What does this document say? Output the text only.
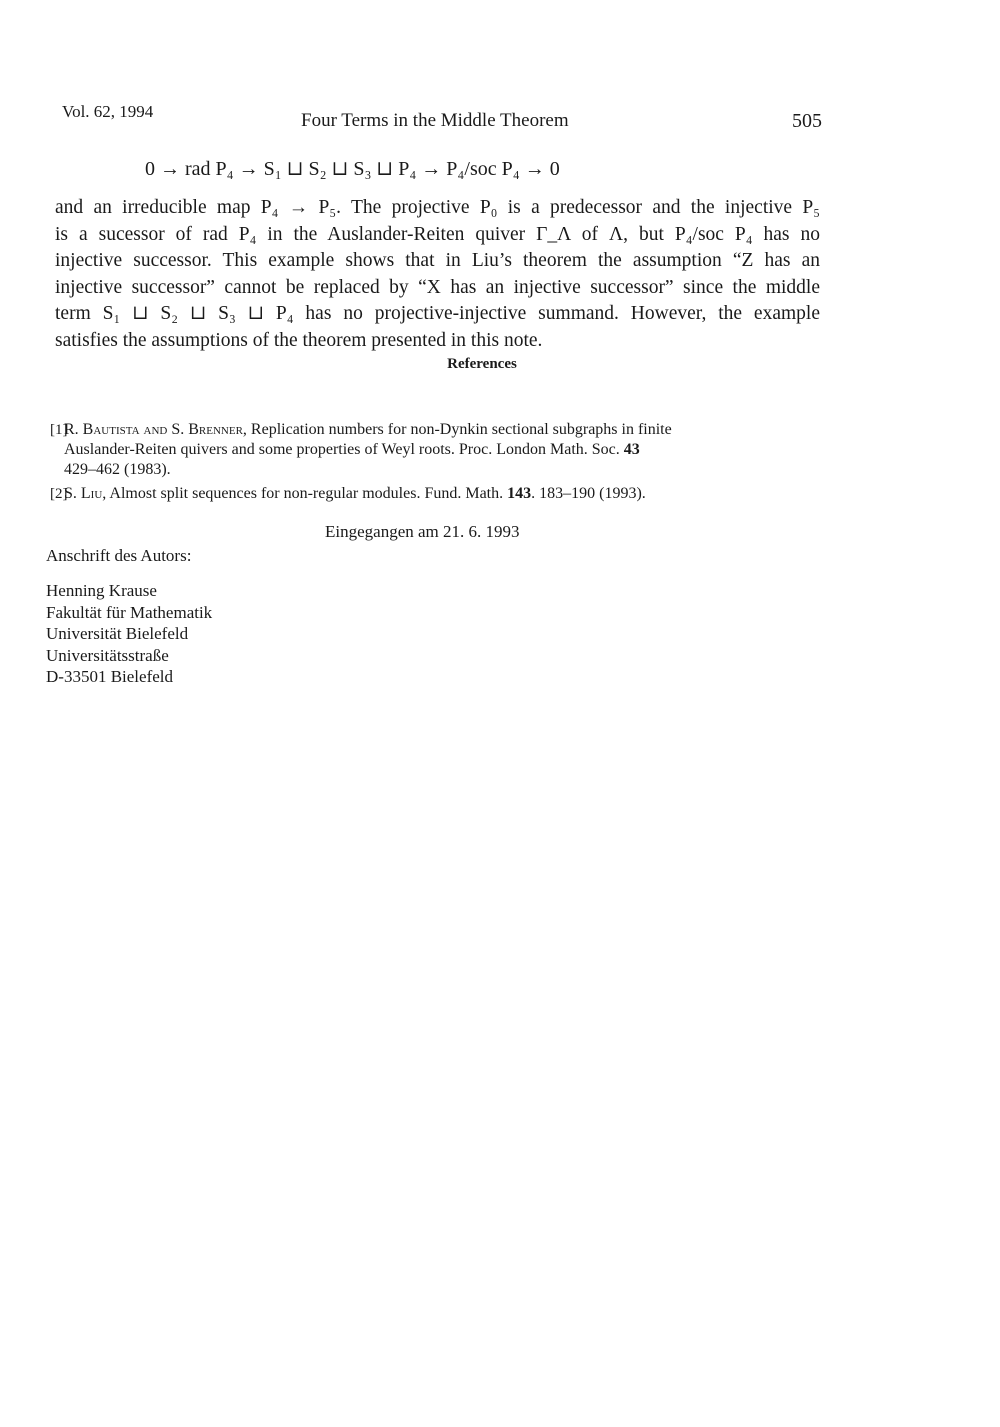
Vol. 62, 1994	Four Terms in the Middle Theorem	505
0 → rad P₄ → S₁ ⊔ S₂ ⊔ S₃ ⊔ P₄ → P₄/soc P₄ → 0
and an irreducible map P₄ → P₅. The projective P₀ is a predecessor and the injective P₅
is a sucessor of rad P₄ in the Auslander-Reiten quiver Γ_Λ of Λ, but P₄/soc P₄ has no
injective successor. This example shows that in Liu’s theorem the assumption “Z has an
injective successor” cannot be replaced by “X has an injective successor” since the middle
term S₁ ⊔ S₂ ⊔ S₃ ⊔ P₄ has no projective-injective summand. However, the example
satisfies the assumptions of the theorem presented in this note.
References
[1]
R. Bautista and S. Brenner, Replication numbers for non-Dynkin sectional subgraphs in finite
Auslander-Reiten quivers and some properties of Weyl roots. Proc. London Math. Soc. 43
429–462 (1983).
[2]
S. Liu, Almost split sequences for non-regular modules. Fund. Math. 143. 183–190 (1993).
Eingegangen am 21. 6. 1993
Anschrift des Autors:
Henning Krause
Fakultät für Mathematik
Universität Bielefeld
Universitätsstraße
D-33501 Bielefeld
